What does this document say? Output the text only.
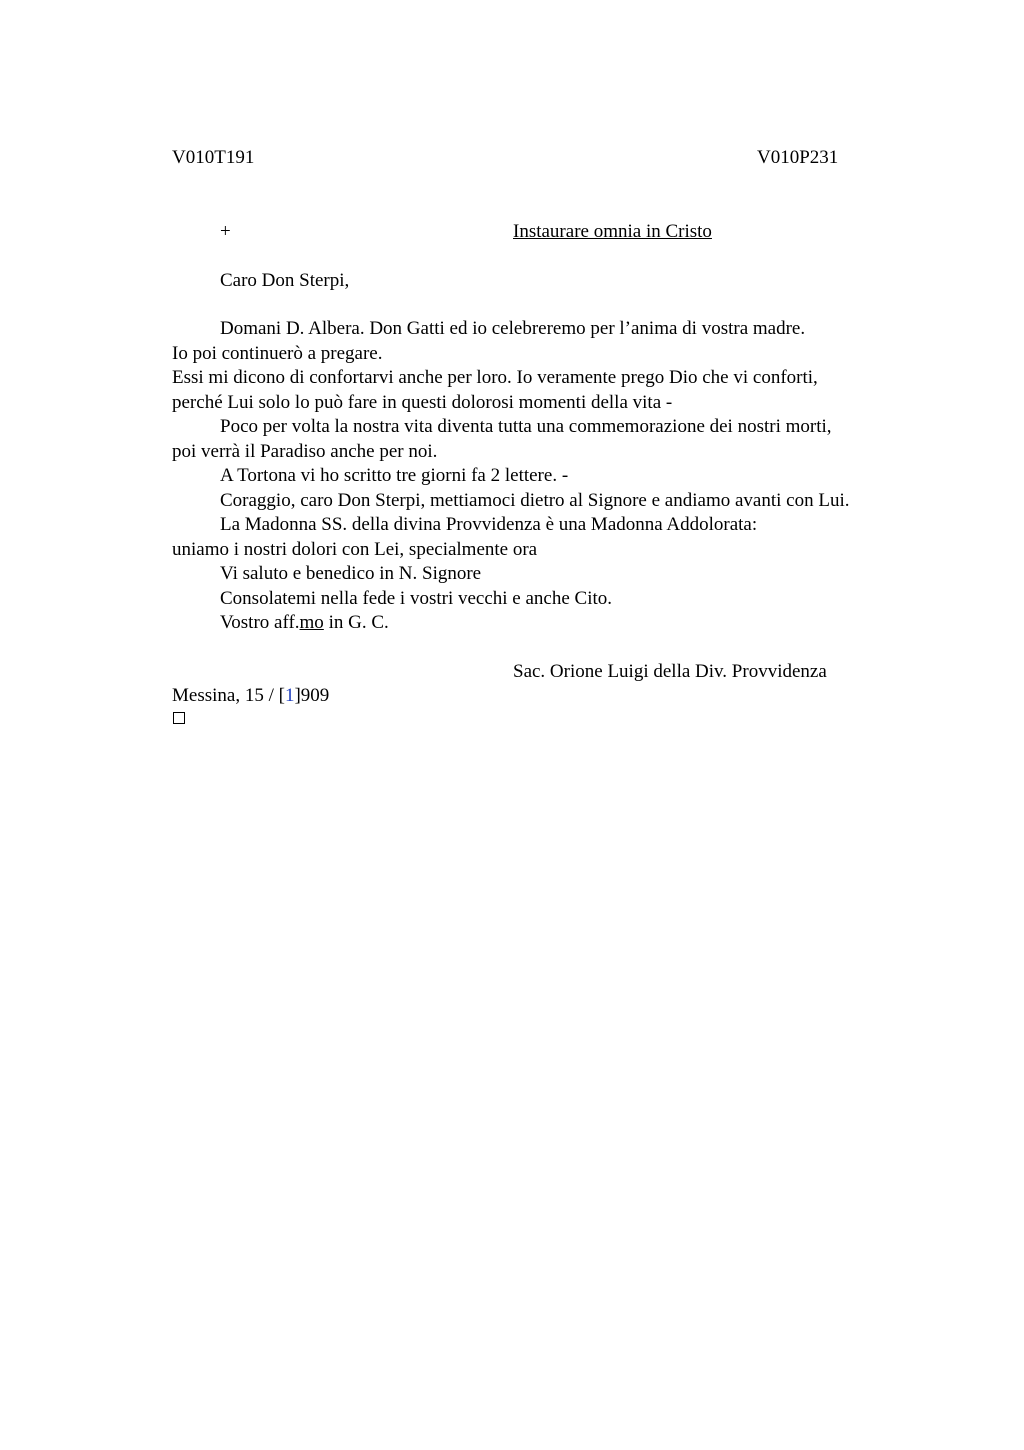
V010T191	V010P231
+	Instaurare omnia in Cristo
Caro Don Sterpi,
Domani D. Albera. Don Gatti ed io celebreremo per l’anima di vostra madre.
Io poi continuerò a pregare.
Essi mi dicono di confortarvi anche per loro. Io veramente prego Dio che vi conforti,
perché Lui solo lo può fare in questi dolorosi momenti della vita -
Poco per volta la nostra vita diventa tutta una commemorazione dei nostri morti,
poi verrà il Paradiso anche per noi.
A Tortona vi ho scritto tre giorni fa 2 lettere. -
Coraggio, caro Don Sterpi, mettiamoci dietro al Signore e andiamo avanti con Lui.
La Madonna SS. della divina Provvidenza è una Madonna Addolorata:
uniamo i nostri dolori con Lei, specialmente ora
Vi saluto e benedico in N. Signore
Consolatemi nella fede i vostri vecchi e anche Cito.
Vostro aff.mo in G. C.
Sac. Orione Luigi della Div. Provvidenza
Messina, 15 / [1]909
